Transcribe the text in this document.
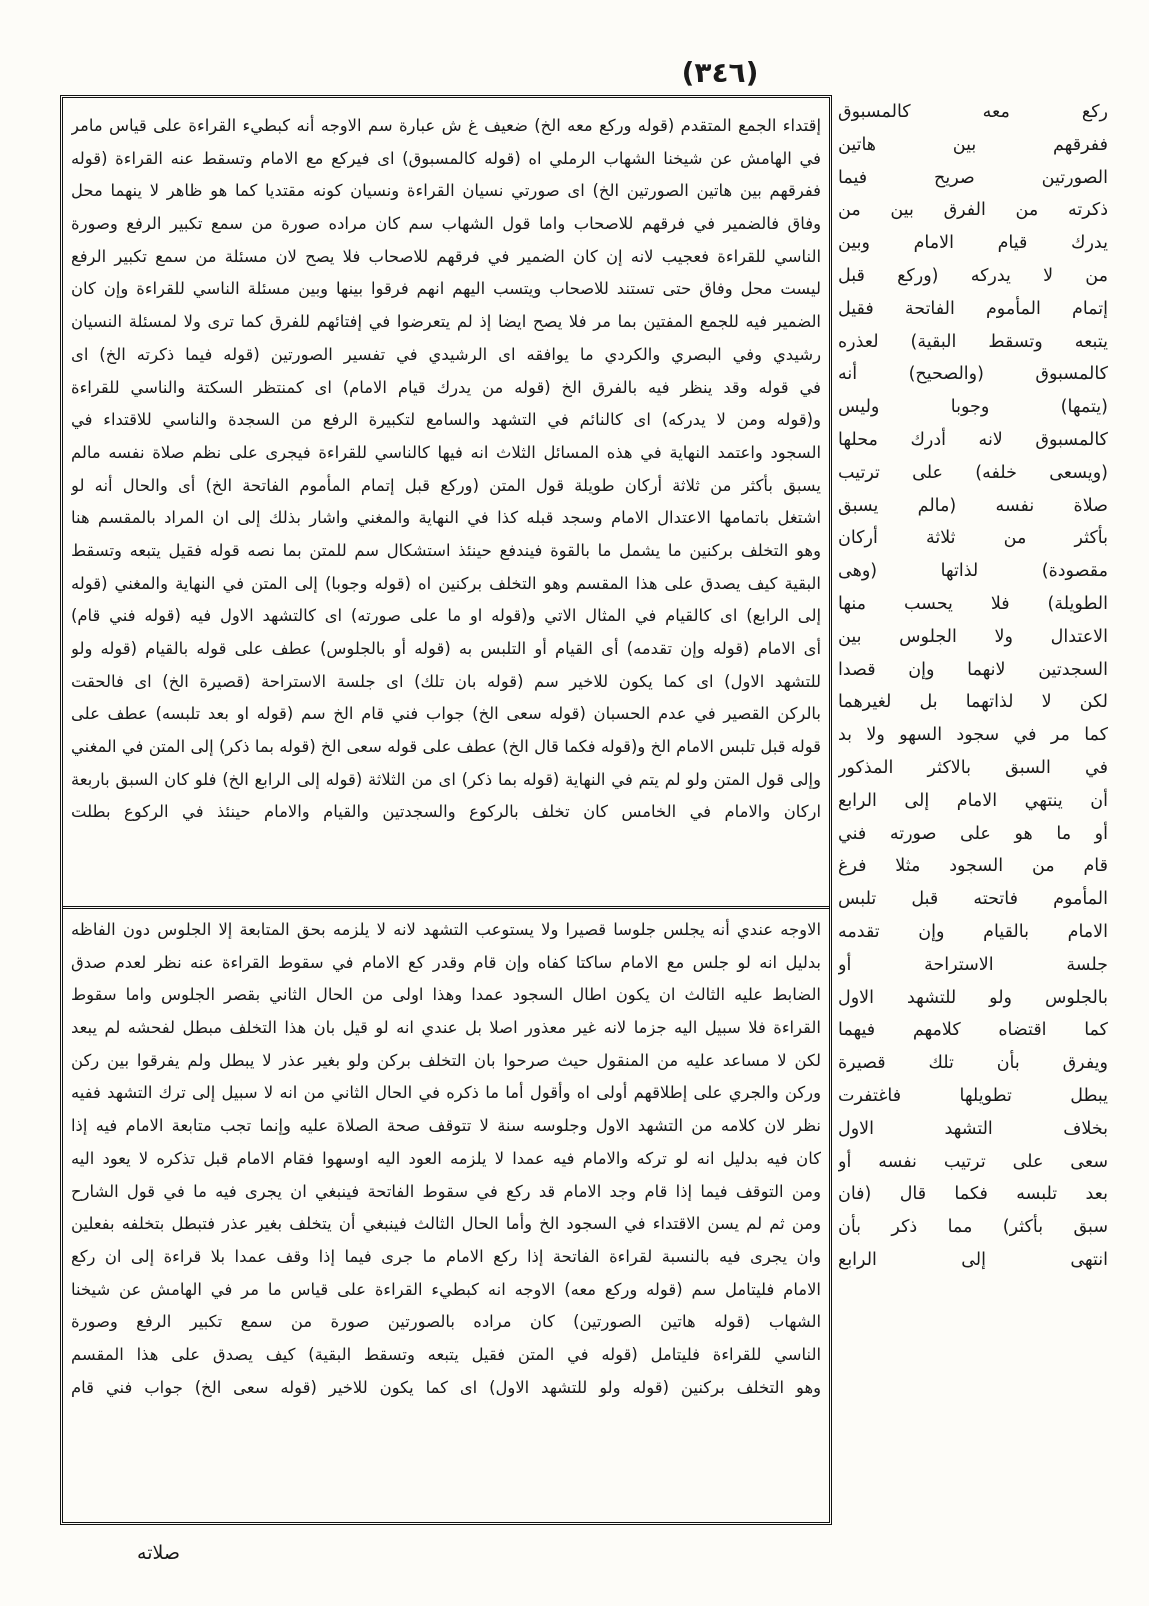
(٣٤٦)
إقتداء الجمع المتقدم (قوله وركع معه الخ) ضعيف غ ش عبارة سم الاوجه أنه كبطيء القراءة على قياس مامر
في الهامش عن شيخنا الشهاب الرملي اه (قوله كالمسبوق) اى فيركع مع الامام وتسقط عنه القراءة (قوله
ففرقهم بين هاتين الصورتين الخ) اى صورتي نسيان القراءة ونسيان كونه مقتديا كما هو ظاهر لا ينهما محل
وفاق فالضمير في فرقهم للاصحاب واما قول الشهاب سم كان مراده صورة من سمع تكبير الرفع وصورة
الناسي للقراءة فعجيب لانه إن كان الضمير في فرقهم للاصحاب فلا يصح لان مسئلة من سمع تكبير الرفع
ليست محل وفاق حتى تستند للاصحاب ويتسب اليهم انهم فرقوا بينها وبين مسئلة الناسي للقراءة وإن كان
الضمير فيه للجمع المفتين بما مر فلا يصح ايضا إذ لم يتعرضوا في إفتائهم للفرق كما ترى ولا لمسئلة النسيان
رشيدي وفي البصري والكردي ما يوافقه اى الرشيدي في تفسير الصورتين (قوله فيما ذكرته الخ) اى
في قوله وقد ينظر فيه بالفرق الخ (قوله من يدرك قيام الامام) اى كمنتظر السكتة والناسي للقراءة
و(قوله ومن لا يدركه) اى كالنائم في التشهد والسامع لتكبيرة الرفع من السجدة والناسي للاقتداء في
السجود واعتمد النهاية في هذه المسائل الثلاث انه فيها كالناسي للقراءة فيجرى على نظم صلاة نفسه مالم
يسبق بأكثر من ثلاثة أركان طويلة قول المتن (وركع قبل إتمام المأموم الفاتحة الخ) أى والحال أنه لو
اشتغل باتمامها الاعتدال الامام وسجد قبله كذا في النهاية والمغني واشار بذلك إلى ان المراد بالمقسم هنا
وهو التخلف بركنين ما يشمل ما بالقوة فيندفع حينئذ استشكال سم للمتن بما نصه قوله فقيل يتبعه وتسقط
البقية كيف يصدق على هذا المقسم وهو التخلف بركنين اه (قوله وجوبا) إلى المتن في النهاية والمغني (قوله
إلى الرابع) اى كالقيام في المثال الاتي و(قوله او ما على صورته) اى كالتشهد الاول فيه (قوله فني قام)
أى الامام (قوله وإن تقدمه) أى القيام أو التلبس به (قوله أو بالجلوس) عطف على قوله بالقيام (قوله ولو
للتشهد الاول) اى كما يكون للاخير سم (قوله بان تلك) اى جلسة الاستراحة (قصيرة الخ) اى فالحقت
بالركن القصير في عدم الحسبان (قوله سعى الخ) جواب فني قام الخ سم (قوله او بعد تلبسه) عطف على
قوله قبل تلبس الامام الخ و(قوله فكما قال الخ) عطف على قوله سعى الخ (قوله بما ذكر) إلى المتن في المغني
وإلى قول المتن ولو لم يتم في النهاية (قوله بما ذكر) اى من الثلاثة (قوله إلى الرابع الخ) فلو كان السبق باربعة
اركان والامام في الخامس كان تخلف بالركوع والسجدتين والقيام والامام حينئذ في الركوع بطلت
الاوجه عندي أنه يجلس جلوسا قصيرا ولا يستوعب التشهد لانه لا يلزمه بحق المتابعة إلا الجلوس دون الفاظه
بدليل انه لو جلس مع الامام ساكتا كفاه وإن قام وقدر كع الامام في سقوط القراءة عنه نظر لعدم صدق
الضابط عليه الثالث ان يكون اطال السجود عمدا وهذا اولى من الحال الثاني بقصر الجلوس واما سقوط
القراءة فلا سبيل اليه جزما لانه غير معذور اصلا بل عندي انه لو قيل بان هذا التخلف مبطل لفحشه لم يبعد
لكن لا مساعد عليه من المنقول حيث صرحوا بان التخلف بركن ولو بغير عذر لا يبطل ولم يفرقوا بين ركن
وركن والجري على إطلاقهم أولى اه وأقول أما ما ذكره في الحال الثاني من انه لا سبيل إلى ترك التشهد ففيه
نظر لان كلامه من التشهد الاول وجلوسه سنة لا تتوقف صحة الصلاة عليه وإنما تجب متابعة الامام فيه إذا
كان فيه بدليل انه لو تركه والامام فيه عمدا لا يلزمه العود اليه اوسهوا فقام الامام قبل تذكره لا يعود اليه
ومن التوقف فيما إذا قام وجد الامام قد ركع في سقوط الفاتحة فينبغي ان يجرى فيه ما في قول الشارح
ومن ثم لم يسن الاقتداء في السجود الخ وأما الحال الثالث فينبغي أن يتخلف بغير عذر فتبطل بتخلفه بفعلين
وان يجرى فيه بالنسبة لقراءة الفاتحة إذا ركع الامام ما جرى فيما إذا وقف عمدا بلا قراءة إلى ان ركع
الامام فليتامل سم (قوله وركع معه) الاوجه انه كبطيء القراءة على قياس ما مر في الهامش عن شيخنا
الشهاب (قوله هاتين الصورتين) كان مراده بالصورتين صورة من سمع تكبير الرفع وصورة
الناسي للقراءة فليتامل (قوله في المتن فقيل يتبعه وتسقط البقية) كيف يصدق على هذا المقسم
وهو التخلف بركنين (قوله ولو للتشهد الاول) اى كما يكون للاخير (قوله سعى الخ) جواب فني قام
ركع معه كالمسبوق
ففرقهم بين هاتين
الصورتين صريح فيما
ذكرته من الفرق بين من
يدرك قيام الامام وبين
من لا يدركه (وركع قبل
إتمام المأموم الفاتحة فقيل
يتبعه وتسقط البقية) لعذره
كالمسبوق (والصحيح) أنه
(يتمها) وجوبا وليس
كالمسبوق لانه أدرك محلها
(ويسعى خلفه) على ترتيب
صلاة نفسه (مالم يسبق
بأكثر من ثلاثة أركان
مقصودة) لذاتها (وهى
الطويلة) فلا يحسب منها
الاعتدال ولا الجلوس بين
السجدتين لانهما وإن قصدا
لكن لا لذاتهما بل لغيرهما
كما مر في سجود السهو ولا بد
في السبق بالاكثر المذكور
أن ينتهي الامام إلى الرابع
أو ما هو على صورته فني
قام من السجود مثلا فرغ
المأموم فاتحته قبل تلبس
الامام بالقيام وإن تقدمه
جلسة الاستراحة أو
بالجلوس ولو للتشهد الاول
كما اقتضاه كلامهم فيهما
ويفرق بأن تلك قصيرة
يبطل تطويلها فاغتفرت
بخلاف التشهد الاول
سعى على ترتيب نفسه أو
بعد تلبسه فكما قال (فان
سبق بأكثر) مما ذكر بأن
انتهى إلى الرابع
صلاته
